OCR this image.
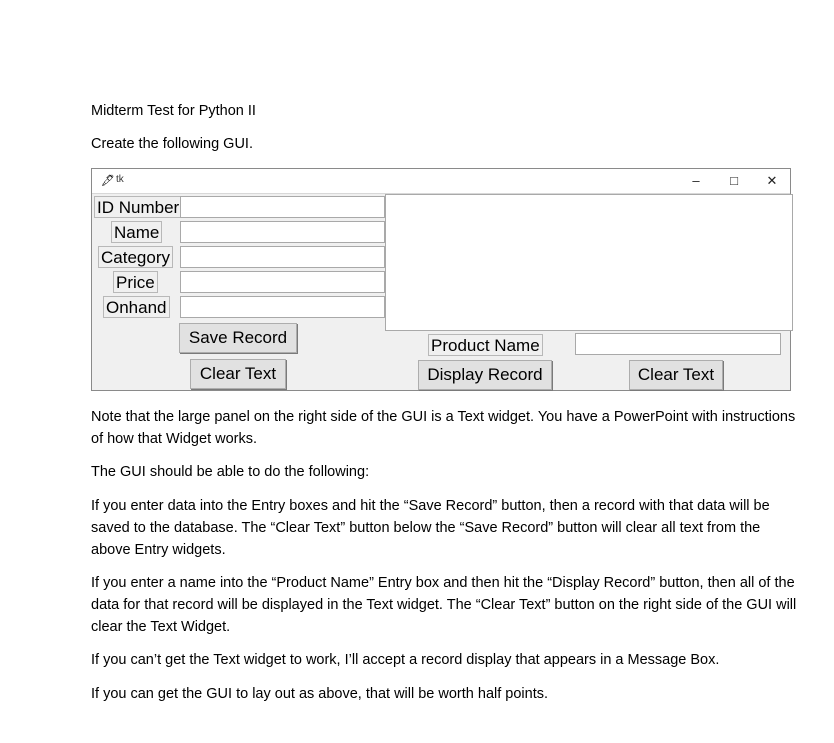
Midterm Test for Python II
Create the following GUI.
🖋 tk	–	□	✕
ID Number
Name
Category
Price
Onhand
Save Record	Product Name
Clear Text	Display Record	Clear Text
Note that the large panel on the right side of the GUI is a Text widget. You have a PowerPoint with instructions of how that Widget works.
The GUI should be able to do the following:
If you enter data into the Entry boxes and hit the “Save Record” button, then a record with that data will be saved to the database. The “Clear Text” button below the “Save Record” button will clear all text from the above Entry widgets.
If you enter a name into the “Product Name” Entry box and then hit the “Display Record” button, then all of the data for that record will be displayed in the Text widget. The “Clear Text” button on the right side of the GUI will clear the Text Widget.
If you can’t get the Text widget to work, I’ll accept a record display that appears in a Message Box.
If you can get the GUI to lay out as above, that will be worth half points.
